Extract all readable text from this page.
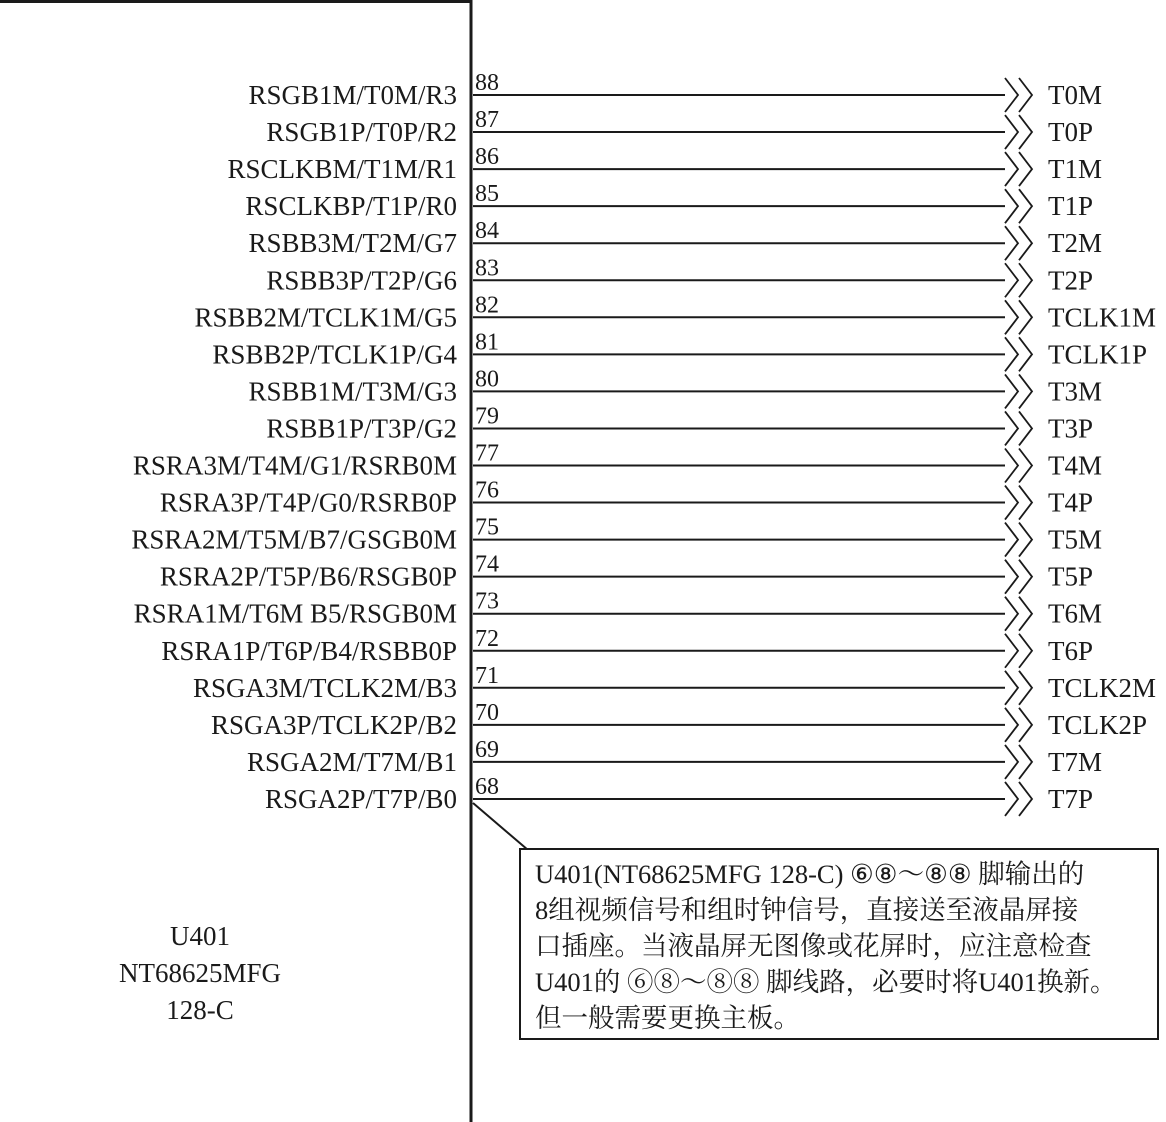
U401
NT68625MFG
128-C
RSGB1M/T0M/R3 88	T0M
RSGB1P/T0P/R2 87	T0P
RSCLKBM/T1M/R1 86	T1M
RSCLKBP/T1P/R0 85	T1P
RSBB3M/T2M/G7 84	T2M
RSBB3P/T2P/G6 83	T2P
RSBB2M/TCLK1M/G5 82	TCLK1M
RSBB2P/TCLK1P/G4 81	TCLK1P
RSBB1M/T3M/G3 80	T3M
RSBB1P/T3P/G2 79	T3P
RSRA3M/T4M/G1/RSRB0M 77	T4M
RSRA3P/T4P/G0/RSRB0P 76	T4P
RSRA2M/T5M/B7/GSGB0M 75	T5M
RSRA2P/T5P/B6/RSGB0P 74	T5P
RSRA1M/T6M B5/RSGB0M 73	T6M
RSRA1P/T6P/B4/RSBB0P 72	T6P
RSGA3M/TCLK2M/B3 71	TCLK2M
RSGA3P/TCLK2P/B2 70	TCLK2P
RSGA2M/T7M/B1 69	T7M
RSGA2P/T7P/B0 68	T7P
U401(NT68625MFG 128-C) ⑥⑧～⑧⑧ 脚输出的
8组视频信号和组时钟信号，直接送至液晶屏接
口插座。当液晶屏无图像或花屏时，应注意检查
U401的 ⑥⑧～⑧⑧ 脚线路，必要时将U401换新。
但一般需要更换主板。
